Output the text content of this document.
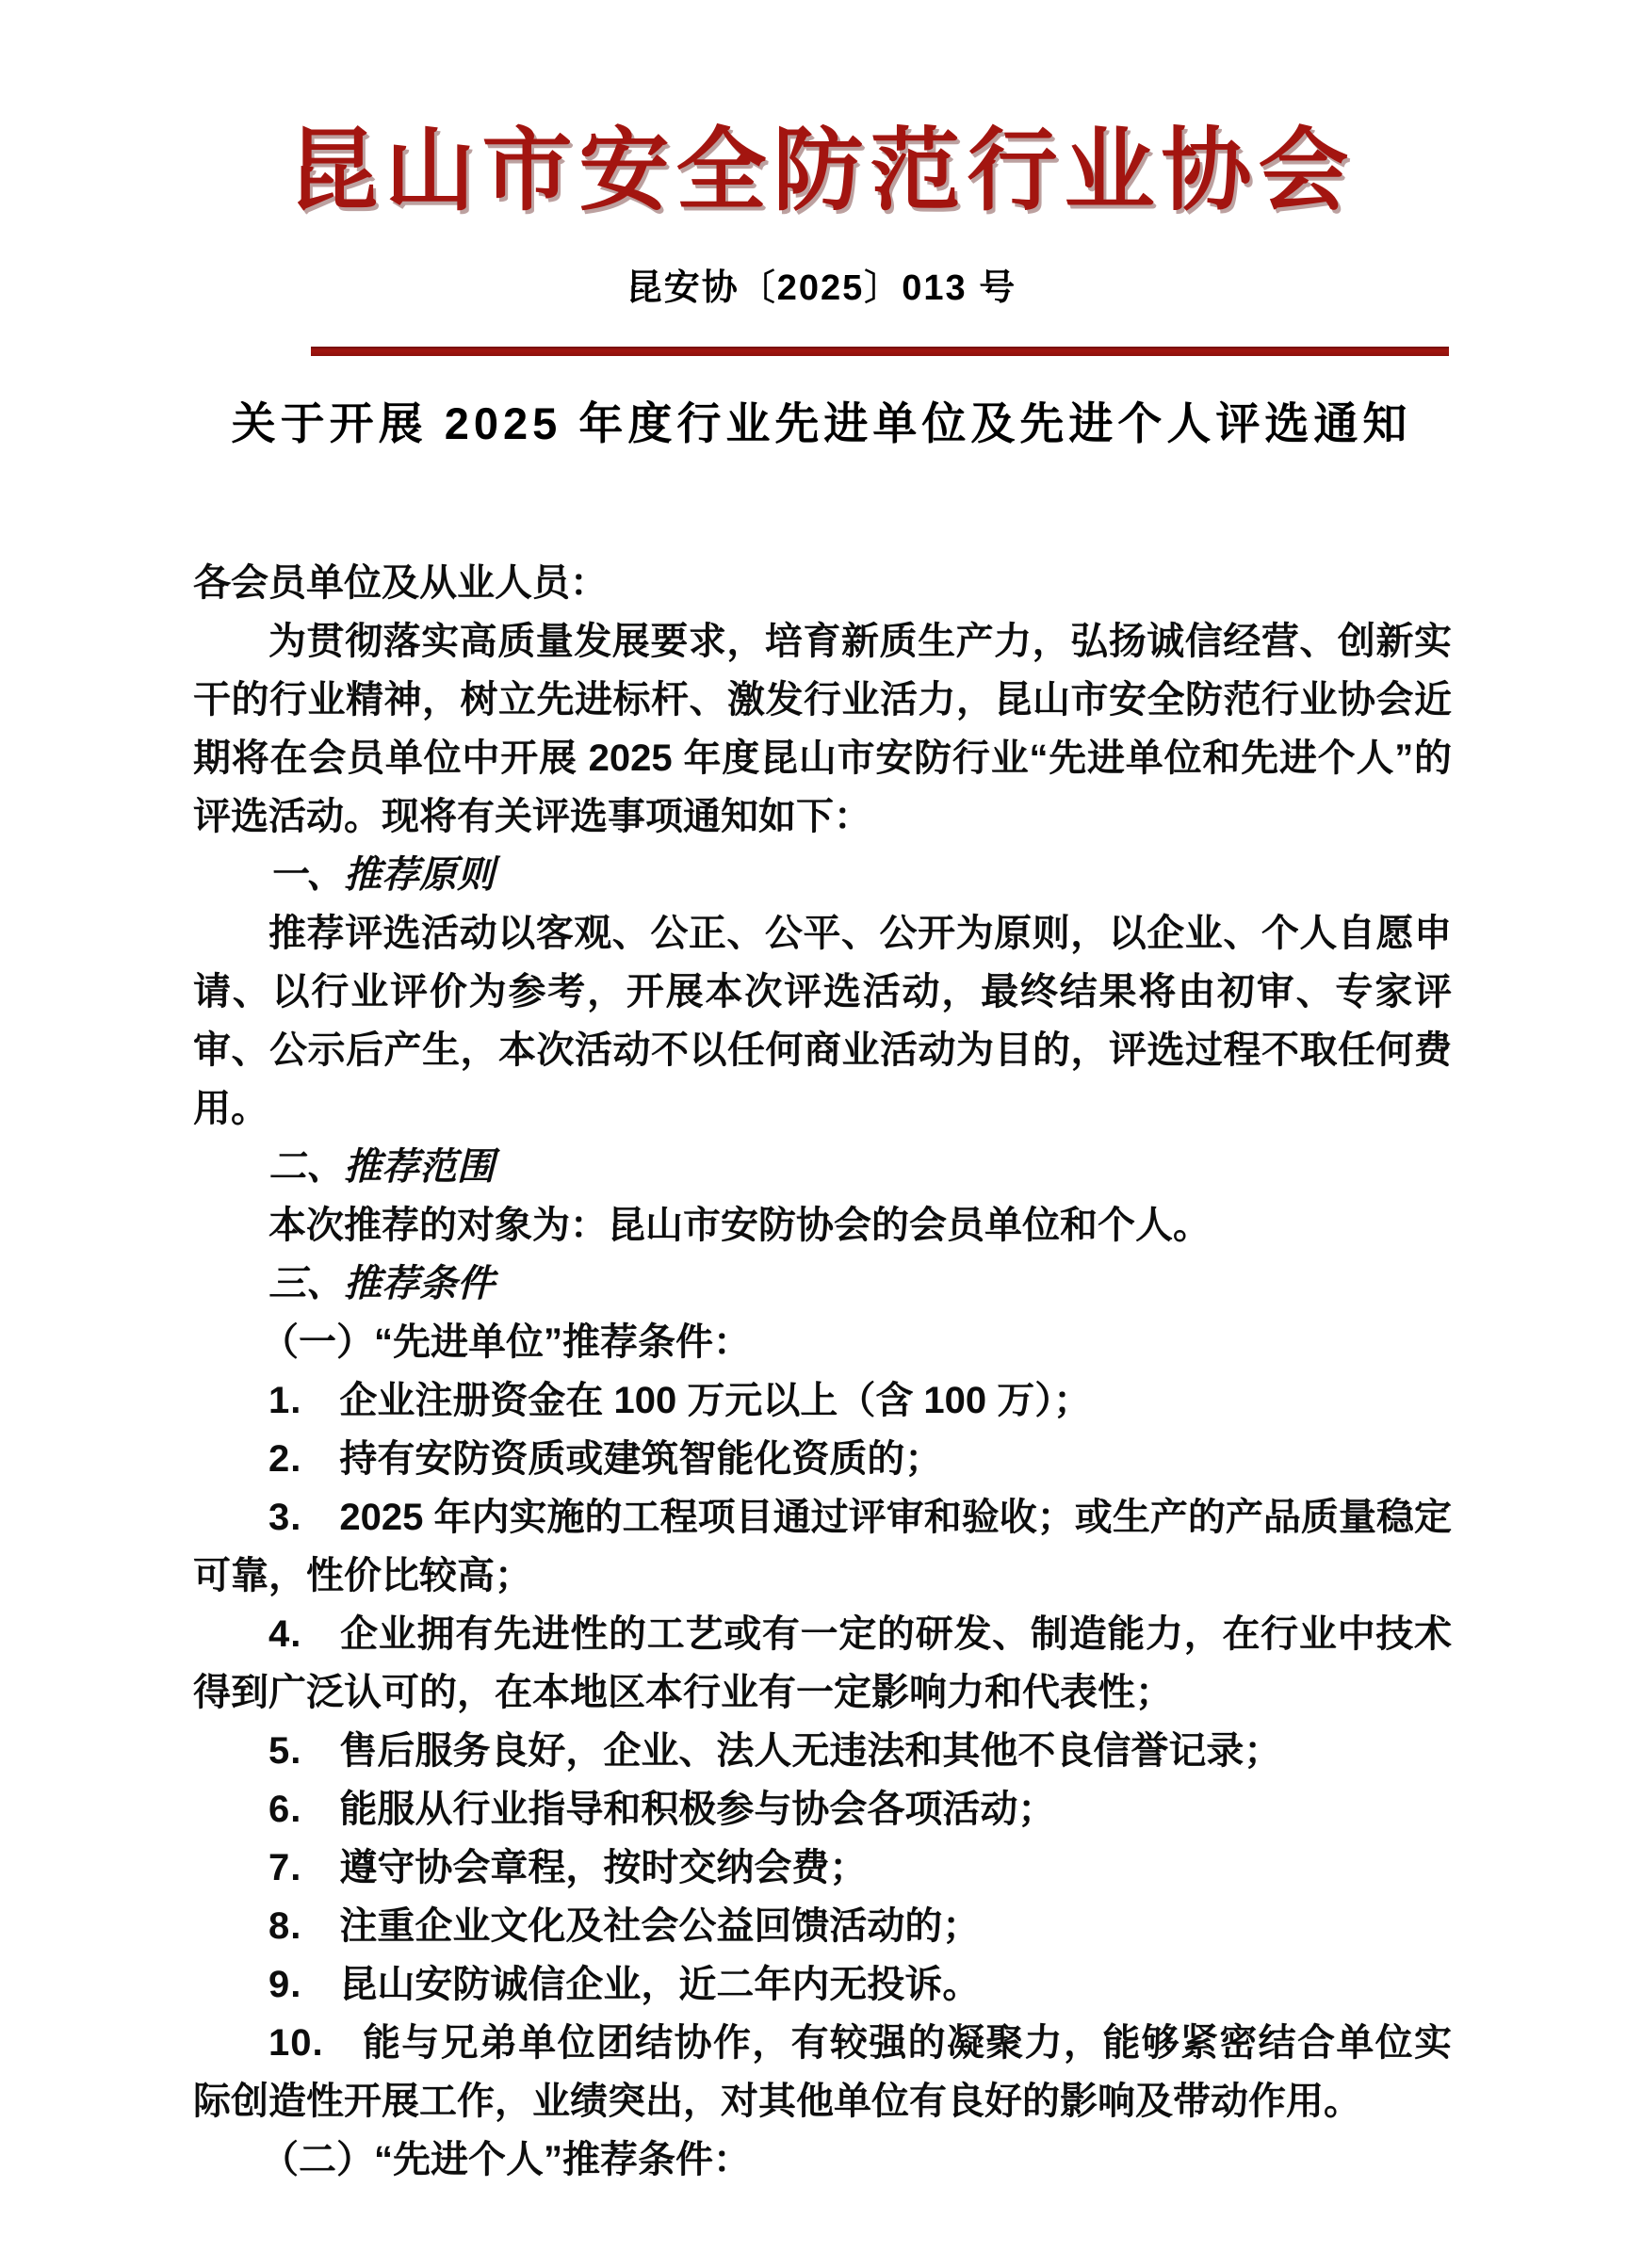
昆山市安全防范行业协会
昆安协〔2025〕013 号
关于开展 2025 年度行业先进单位及先进个人评选通知

各会员单位及从业人员：

为贯彻落实高质量发展要求，培育新质生产力，弘扬诚信经营、创新实干的行业精神，树立先进标杆、激发行业活力，昆山市安全防范行业协会近期将在会员单位中开展 2025 年度昆山市安防行业“先进单位和先进个人”的评选活动。现将有关评选事项通知如下：

一、推荐原则

推荐评选活动以客观、公正、公平、公开为原则，以企业、个人自愿申请、以行业评价为参考，开展本次评选活动，最终结果将由初审、专家评审、公示后产生，本次活动不以任何商业活动为目的，评选过程不取任何费用。

二、推荐范围

本次推荐的对象为：昆山市安防协会的会员单位和个人。

三、推荐条件

（一）“先进单位”推荐条件：

1. 企业注册资金在 100 万元以上（含 100 万）；

2. 持有安防资质或建筑智能化资质的；

3. 2025 年内实施的工程项目通过评审和验收；或生产的产品质量稳定可靠，性价比较高；

4. 企业拥有先进性的工艺或有一定的研发、制造能力，在行业中技术得到广泛认可的，在本地区本行业有一定影响力和代表性；

5. 售后服务良好，企业、法人无违法和其他不良信誉记录；

6. 能服从行业指导和积极参与协会各项活动；

7. 遵守协会章程，按时交纳会费；

8. 注重企业文化及社会公益回馈活动的；

9. 昆山安防诚信企业，近二年内无投诉。

10. 能与兄弟单位团结协作，有较强的凝聚力，能够紧密结合单位实际创造性开展工作，业绩突出，对其他单位有良好的影响及带动作用。

（二）“先进个人”推荐条件：
